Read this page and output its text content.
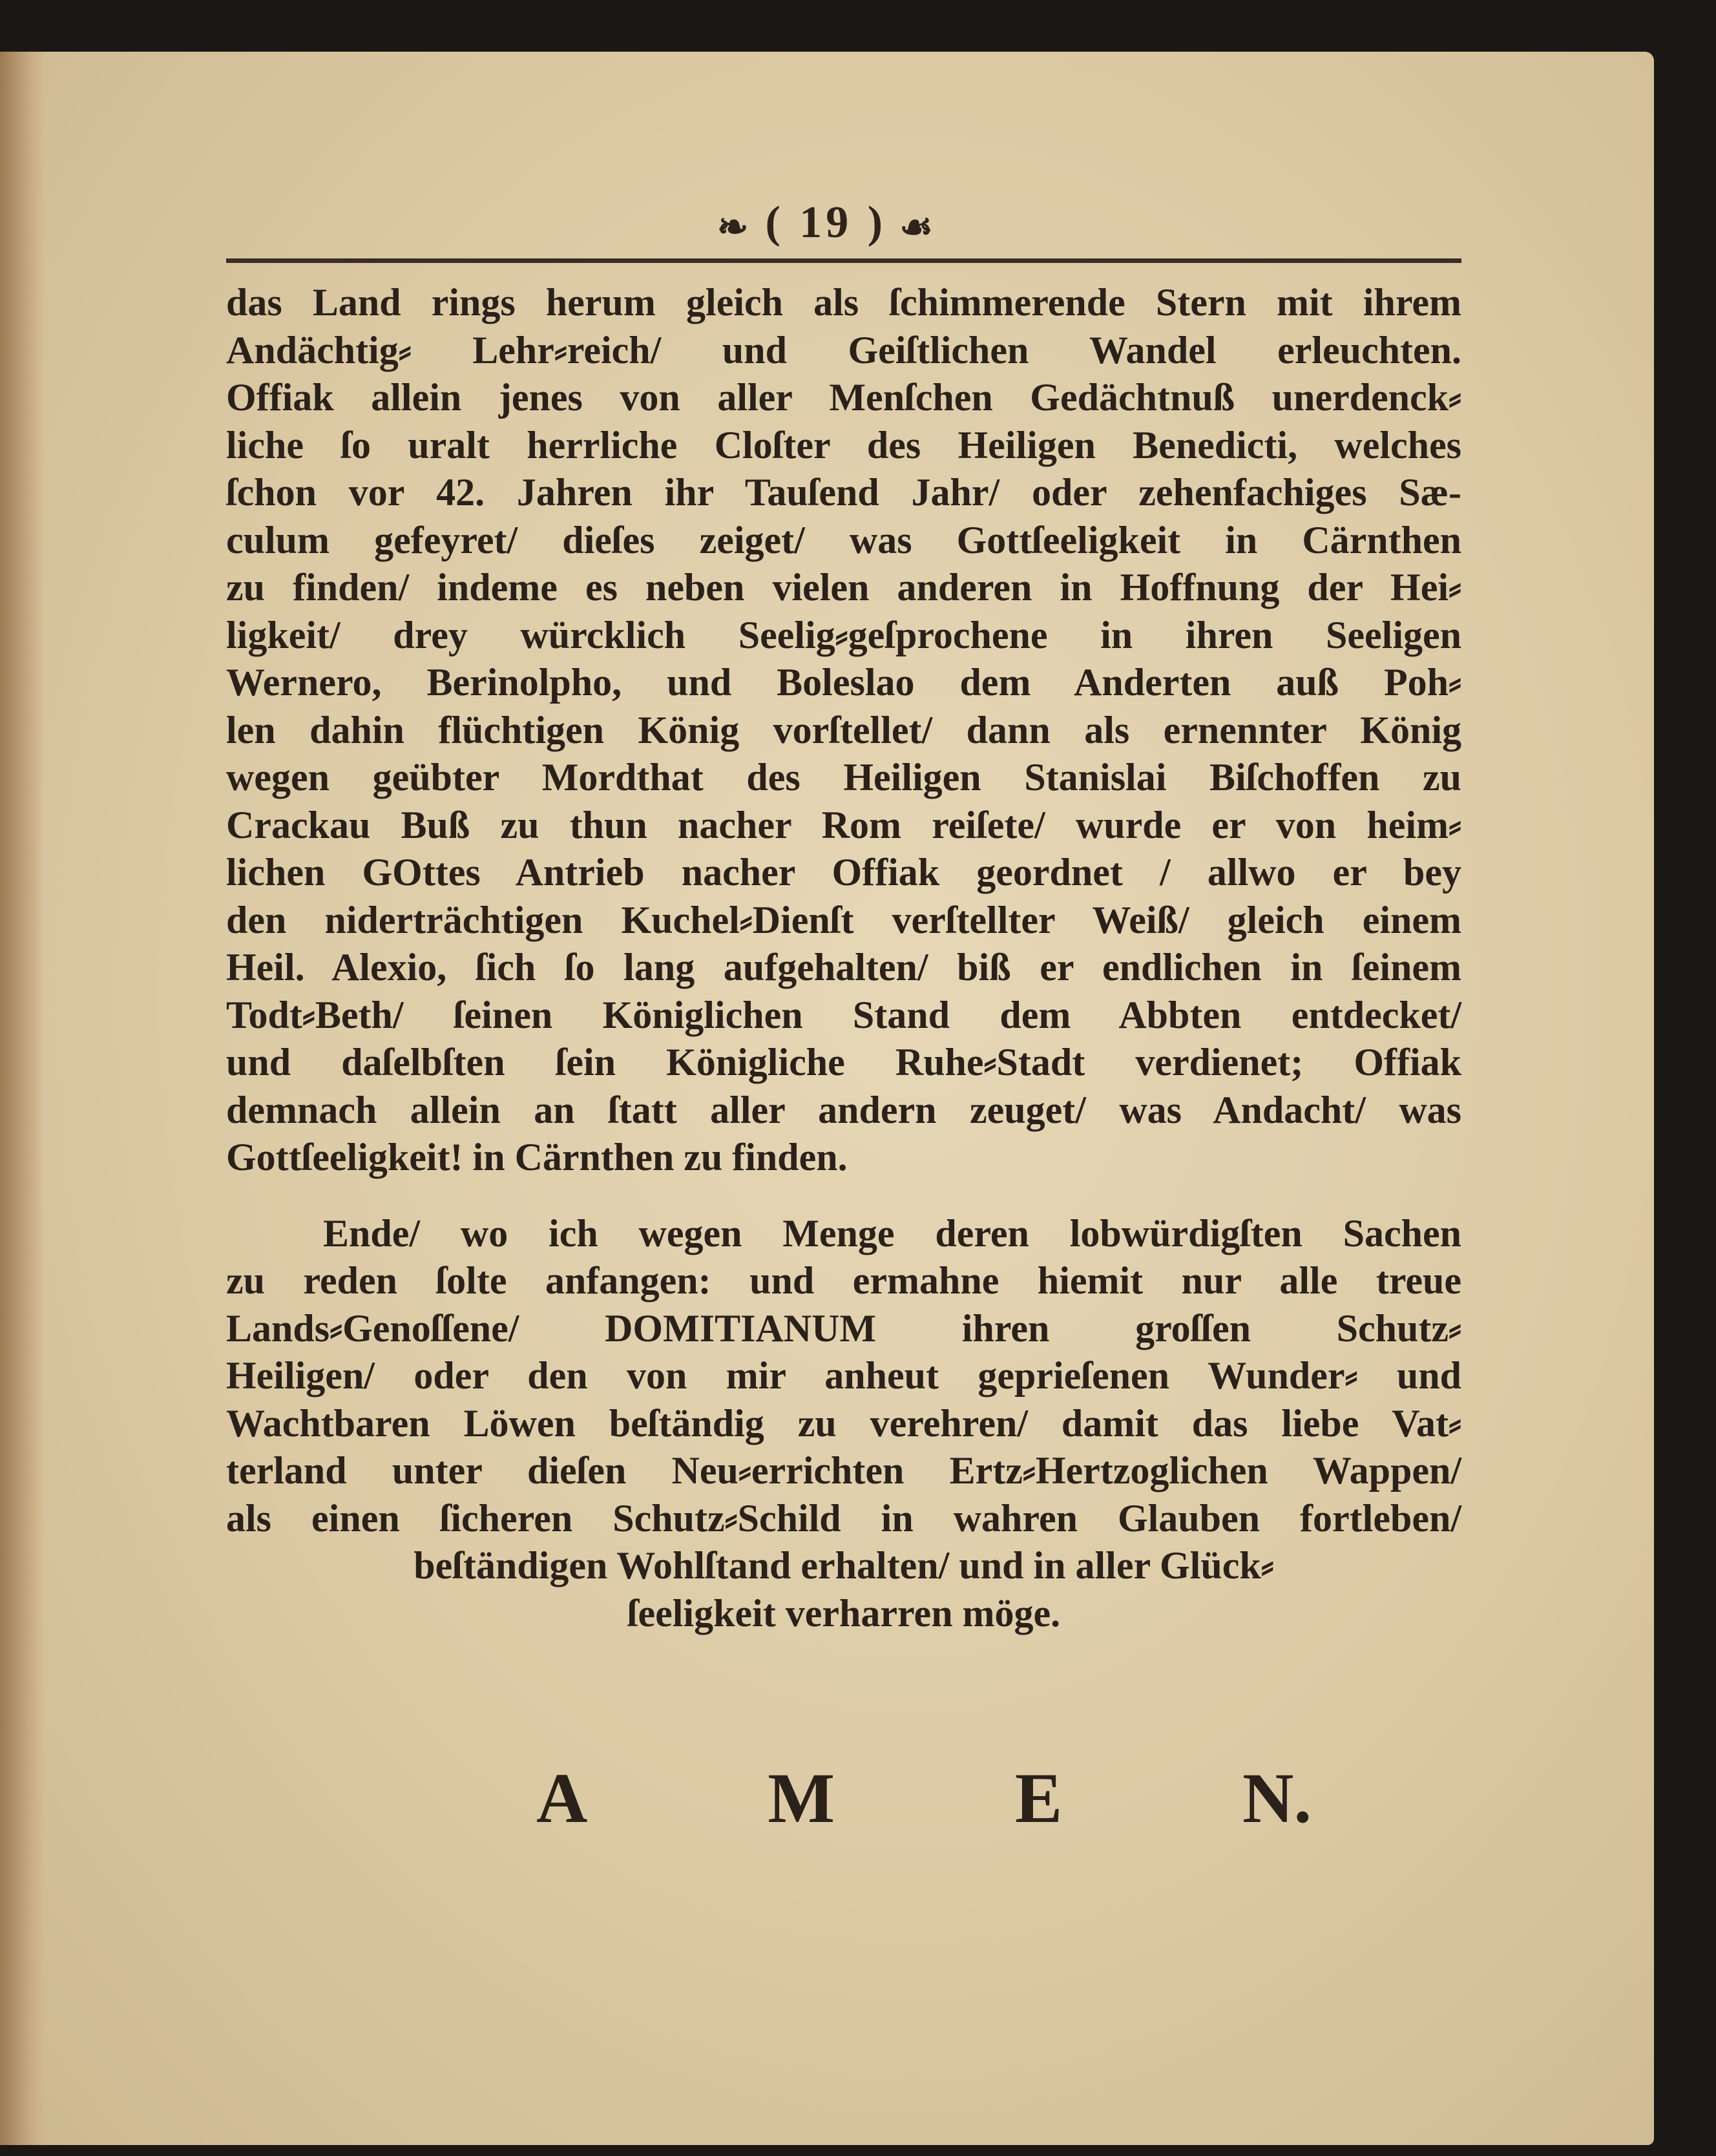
❧ ( 19 ) ☙
das Land rings herum gleich als ſchimmerende Stern mit ihrem
Andächtig⸗ Lehr⸗reich/ und Geiſtlichen Wandel erleuchten.
Offiak allein jenes von aller Menſchen Gedächtnuß unerdenck⸗
liche ſo uralt herrliche Cloſter des Heiligen Benedicti, welches
ſchon vor 42. Jahren ihr Tauſend Jahr/ oder zehenfachiges Sæ-
culum gefeyret/ dieſes zeiget/ was Gottſeeligkeit in Cärnthen
zu finden/ indeme es neben vielen anderen in Hoffnung der Hei⸗
ligkeit/ drey würcklich Seelig⸗geſprochene in ihren Seeligen
Wernero, Berinolpho, und Boleslao dem Anderten auß Poh⸗
len dahin flüchtigen König vorſtellet/ dann als ernennter König
wegen geübter Mordthat des Heiligen Stanislai Biſchoffen zu
Crackau Buß zu thun nacher Rom reiſete/ wurde er von heim⸗
lichen GOttes Antrieb nacher Offiak geordnet / allwo er bey
den niderträchtigen Kuchel⸗Dienſt verſtellter Weiß/ gleich einem
Heil. Alexio, ſich ſo lang aufgehalten/ biß er endlichen in ſeinem
Todt⸗Beth/ ſeinen Königlichen Stand dem Abbten entdecket/
und daſelbſten ſein Königliche Ruhe⸗Stadt verdienet; Offiak
demnach allein an ſtatt aller andern zeuget/ was Andacht/ was
Gottſeeligkeit! in Cärnthen zu finden.
Ende/ wo ich wegen Menge deren lobwürdigſten Sachen
zu reden ſolte anfangen: und ermahne hiemit nur alle treue
Lands⸗Genoſſene/ DOMITIANUM ihren groſſen Schutz⸗
Heiligen/ oder den von mir anheut geprieſenen Wunder⸗ und
Wachtbaren Löwen beſtändig zu verehren/ damit das liebe Vat⸗
terland unter dieſen Neu⸗errichten Ertz⸗Hertzoglichen Wappen/
als einen ſicheren Schutz⸗Schild in wahren Glauben fortleben/
beſtändigen Wohlſtand erhalten/ und in aller Glück⸗
ſeeligkeit verharren möge.
A	M	E	N.
